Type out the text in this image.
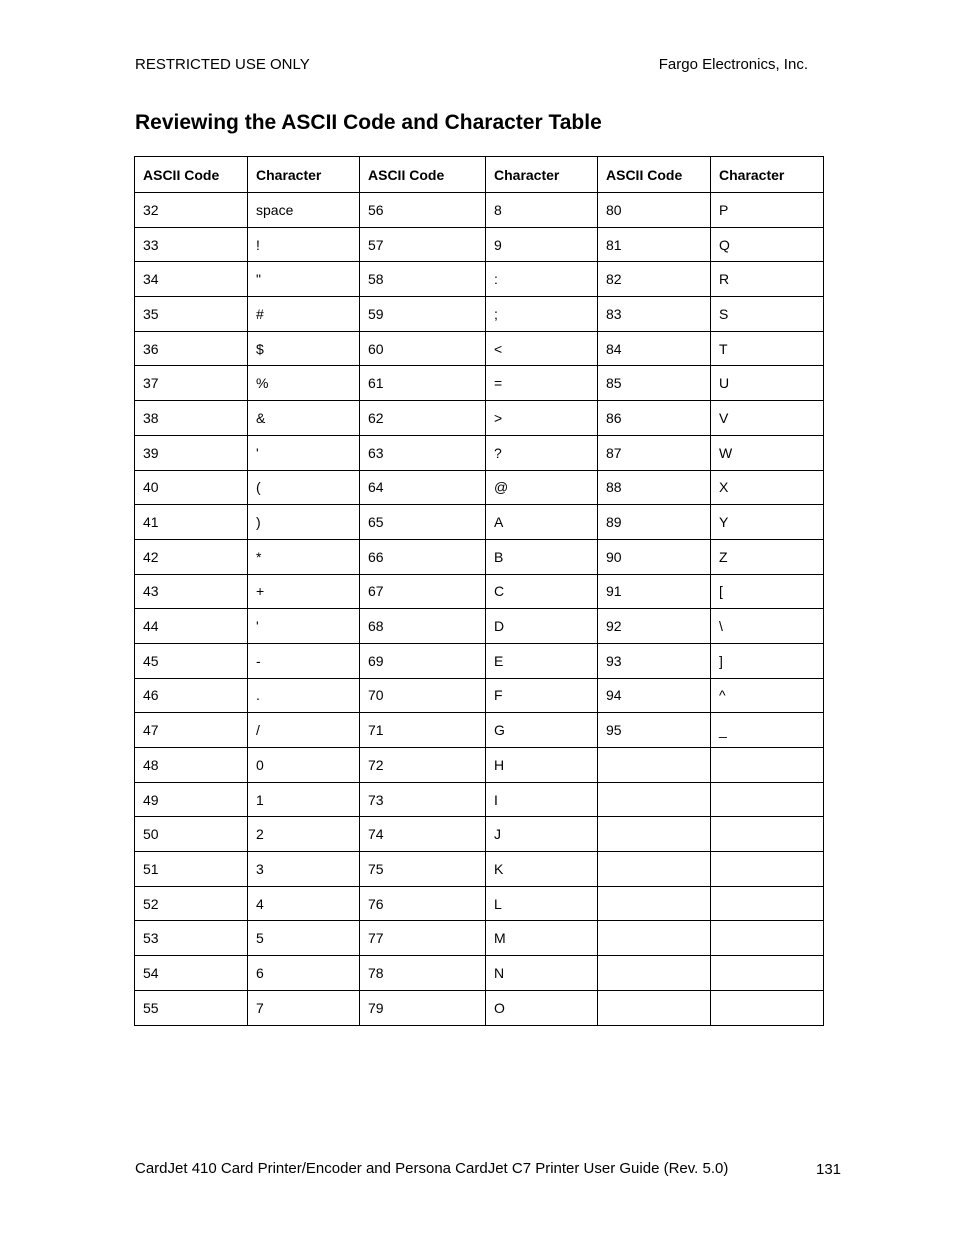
RESTRICTED USE ONLY	Fargo Electronics, Inc.
Reviewing the ASCII Code and Character Table
ASCII Code	Character	ASCII Code	Character	ASCII Code	Character
32	space	56	8	80	P
33	!	57	9	81	Q
34	"	58	:	82	R
35	#	59	;	83	S
36	$	60	<	84	T
37	%	61	=	85	U
38	&	62	>	86	V
39	'	63	?	87	W
40	(	64	@	88	X
41	)	65	A	89	Y
42	*	66	B	90	Z
43	+	67	C	91	[
44	'	68	D	92	\
45	-	69	E	93	]
46	.	70	F	94	^
47	/	71	G	95	_
48	0	72	H		
49	1	73	I		
50	2	74	J		
51	3	75	K		
52	4	76	L		
53	5	77	M		
54	6	78	N		
55	7	79	O		
CardJet 410 Card Printer/Encoder and Persona CardJet C7 Printer User Guide (Rev. 5.0)	131
